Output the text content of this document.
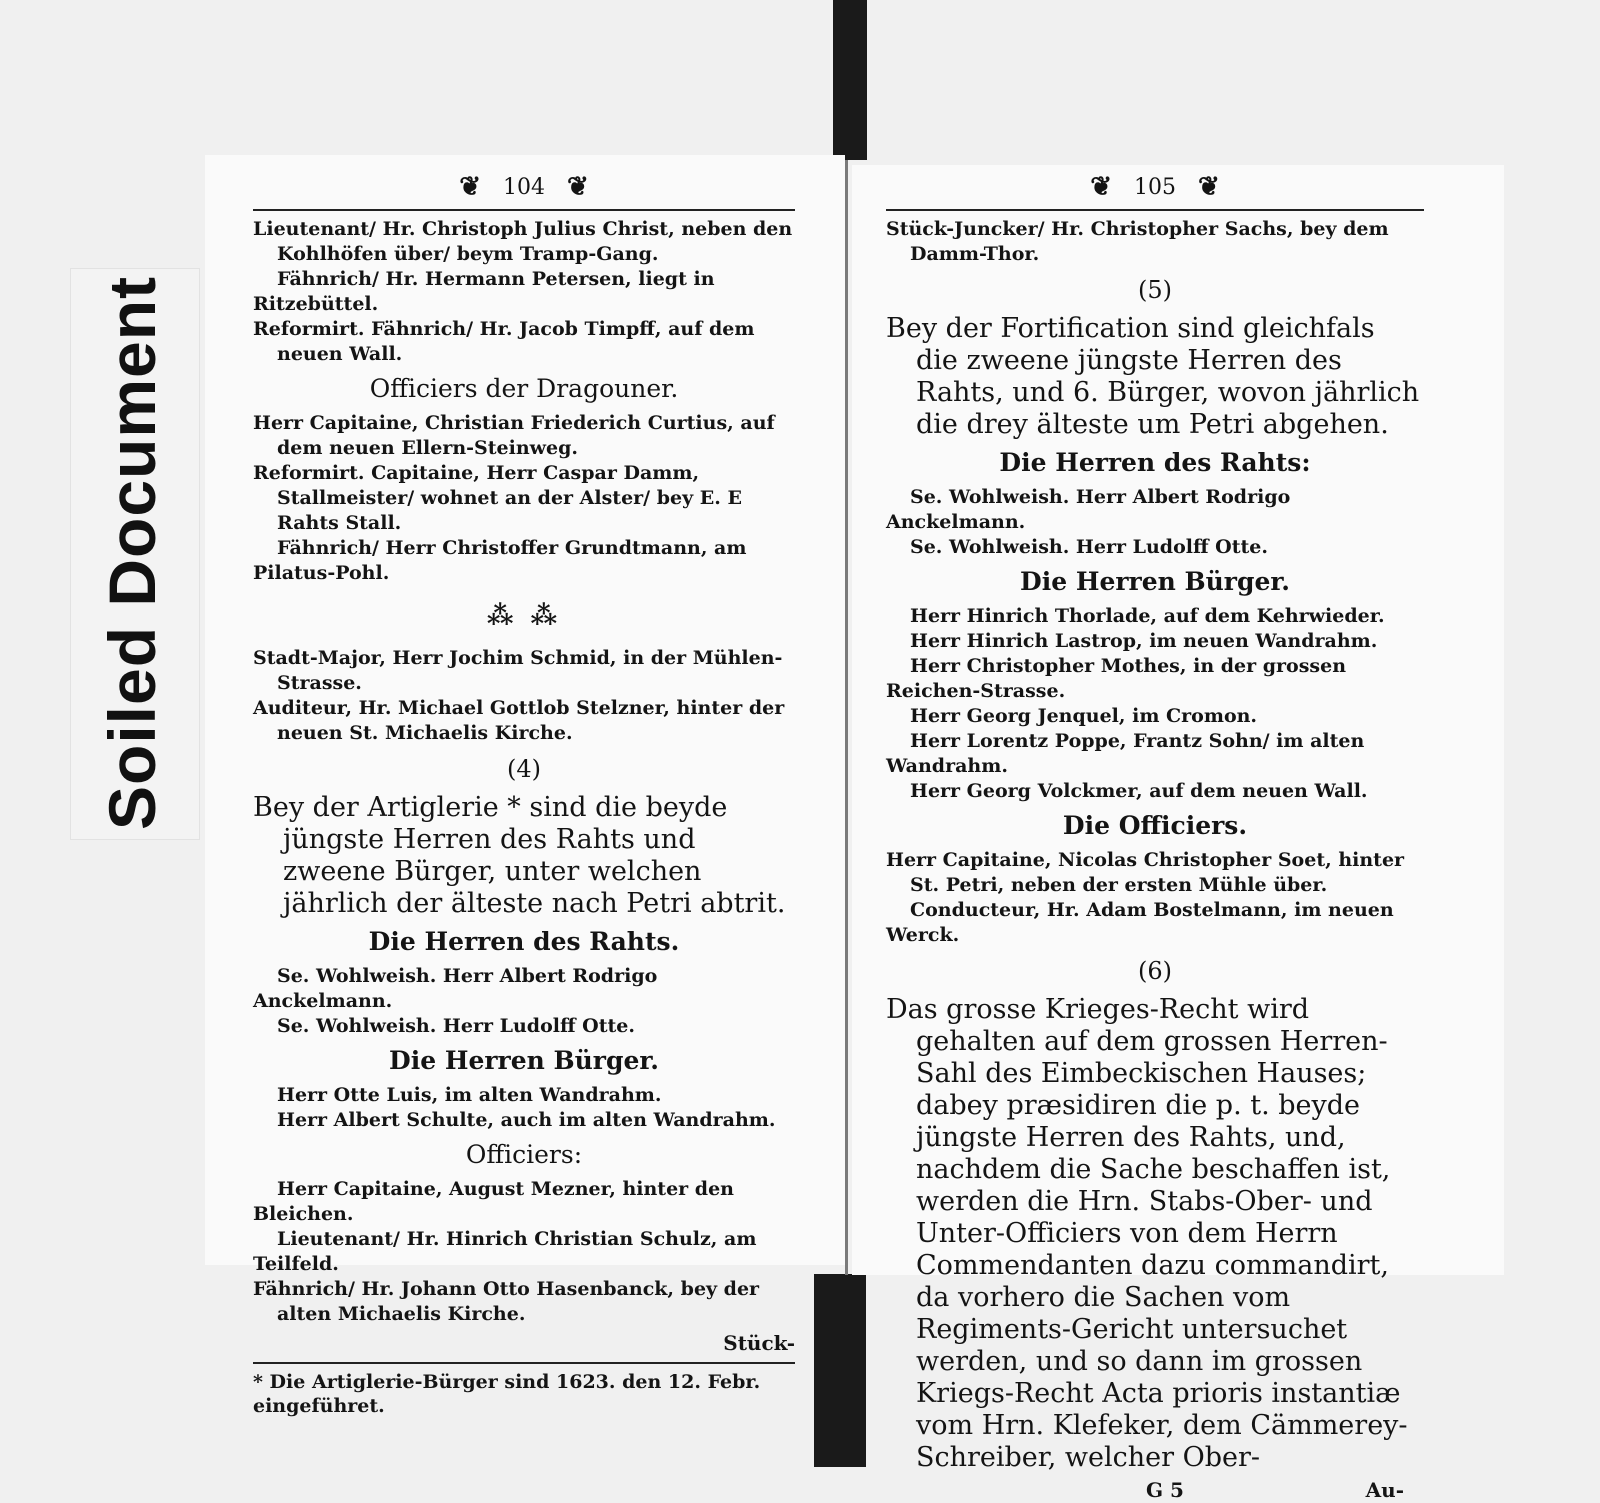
Soiled Document
❦ 104 ❦

Lieutenant/ Hr. Christoph Julius Christ, neben den Kohlhöfen über/ beym Tramp-Gang.

Fähnrich/ Hr. Hermann Petersen, liegt in Ritzebüttel.

Reformirt. Fähnrich/ Hr. Jacob Timpff, auf dem neuen Wall.

Officiers der Dragouner.

Herr Capitaine, Christian Friederich Curtius, auf dem neuen Ellern-Steinweg.

Reformirt. Capitaine, Herr Caspar Damm, Stallmeister/ wohnet an der Alster/ bey E. E Rahts Stall.

Fähnrich/ Herr Christoffer Grundtmann, am Pilatus-Pohl.

⁂ ⁂

Stadt-Major, Herr Jochim Schmid, in der Mühlen-Strasse.

Auditeur, Hr. Michael Gottlob Stelzner, hinter der neuen St. Michaelis Kirche.

(4)

Bey der Artiglerie * sind die beyde jüngste Herren des Rahts und zweene Bürger, unter welchen jährlich der älteste nach Petri abtrit.

Die Herren des Rahts.

Se. Wohlweish. Herr Albert Rodrigo Anckelmann.

Se. Wohlweish. Herr Ludolff Otte.

Die Herren Bürger.

Herr Otte Luis, im alten Wandrahm.

Herr Albert Schulte, auch im alten Wandrahm.

Officiers:

Herr Capitaine, August Mezner, hinter den Bleichen.

Lieutenant/ Hr. Hinrich Christian Schulz, am Teilfeld.

Fähnrich/ Hr. Johann Otto Hasenbanck, bey der alten Michaelis Kirche.

Stück-

* Die Artiglerie-Bürger sind 1623. den 12. Febr. eingeführet.

❦ 105 ❦

Stück-Juncker/ Hr. Christopher Sachs, bey dem Damm-Thor.

(5)

Bey der Fortification sind gleichfals die zweene jüngste Herren des Rahts, und 6. Bürger, wovon jährlich die drey älteste um Petri abgehen.

Die Herren des Rahts:

Se. Wohlweish. Herr Albert Rodrigo Anckelmann.

Se. Wohlweish. Herr Ludolff Otte.

Die Herren Bürger.

Herr Hinrich Thorlade, auf dem Kehrwieder.

Herr Hinrich Lastrop, im neuen Wandrahm.

Herr Christopher Mothes, in der grossen Reichen-Strasse.

Herr Georg Jenquel, im Cromon.

Herr Lorentz Poppe, Frantz Sohn/ im alten Wandrahm.

Herr Georg Volckmer, auf dem neuen Wall.

Die Officiers.

Herr Capitaine, Nicolas Christopher Soet, hinter St. Petri, neben der ersten Mühle über.

Conducteur, Hr. Adam Bostelmann, im neuen Werck.

(6)

Das grosse Krieges-Recht wird gehalten auf dem grossen Herren-Sahl des Eimbeckischen Hauses; dabey præsidiren die p. t. beyde jüngste Herren des Rahts, und, nachdem die Sache beschaffen ist, werden die Hrn. Stabs-Ober- und Unter-Officiers von dem Herrn Commendanten dazu commandirt, da vorhero die Sachen vom Regiments-Gericht untersuchet werden, und so dann im grossen Kriegs-Recht Acta prioris instantiæ vom Hrn. Klefeker, dem Cämmerey-Schreiber, welcher Ober-

G 5	Au-
